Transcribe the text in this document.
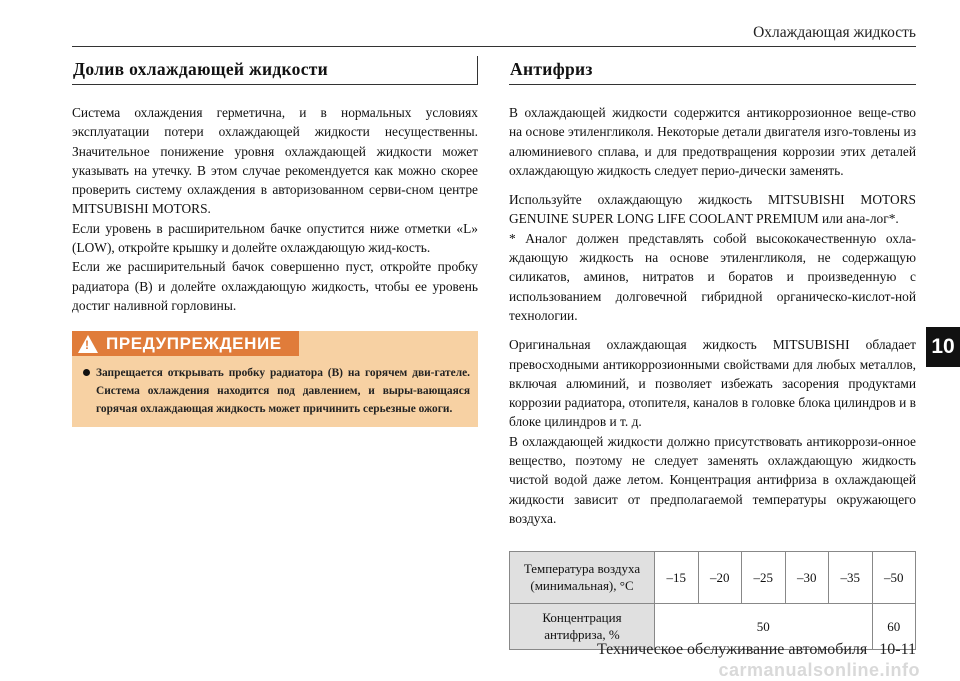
Охлаждающая жидкость
Долив охлаждающей жидкости

Система охлаждения герметична, и в нормальных условиях эксплуатации потери охлаждающей жидкости несущественны. Значительное понижение уровня охлаждающей жидкости может указывать на утечку. В этом случае рекомендуется как можно скорее проверить систему охлаждения в авторизованном серви-сном центре MITSUBISHI MOTORS.

Если уровень в расширительном бачке опустится ниже отметки «L» (LOW), откройте крышку и долейте охлаждающую жид-кость.

Если же расширительный бачок совершенно пуст, откройте пробку радиатора (B) и долейте охлаждающую жидкость, чтобы ее уровень достиг наливной горловины.

!
ПРЕДУПРЕЖДЕНИЕ
Запрещается открывать пробку радиатора (B) на горячем дви-гателе. Система охлаждения находится под давлением, и выры-вающаяся горячая охлаждающая жидкость может причинить серьезные ожоги.
Антифриз

В охлаждающей жидкости содержится антикоррозионное веще-ство на основе этиленгликоля. Некоторые детали двигателя изго-товлены из алюминиевого сплава, и для предотвращения коррозии этих деталей охлаждающую жидкость следует перио-дически заменять.

Используйте охлаждающую жидкость MITSUBISHI MOTORS GENUINE SUPER LONG LIFE COOLANT PREMIUM или ана-лог*.

* Аналог должен представлять собой высококачественную охла-ждающую жидкость на основе этиленгликоля, не содержащую силикатов, аминов, нитратов и боратов и произведенную с использованием долговечной гибридной органическо-кислот-ной технологии.

Оригинальная охлаждающая жидкость MITSUBISHI обладает превосходными антикоррозионными свойствами для любых металлов, включая алюминий, и позволяет избежать засорения продуктами коррозии радиатора, отопителя, каналов в головке блока цилиндров и в блоке цилиндров и т. д.

В охлаждающей жидкости должно присутствовать антикоррози-онное вещество, поэтому не следует заменять охлаждающую жидкость чистой водой даже летом. Концентрация антифриза в охлаждающей жидкости зависит от предполагаемой температуры окружающего воздуха.

Температура воздуха (минимальная), °C	–15	–20	–25	–30	–35	–50
Концентрация антифриза, %	50	60
10
Техническое обслуживание автомобиля 10-11
carmanualsonline.info
